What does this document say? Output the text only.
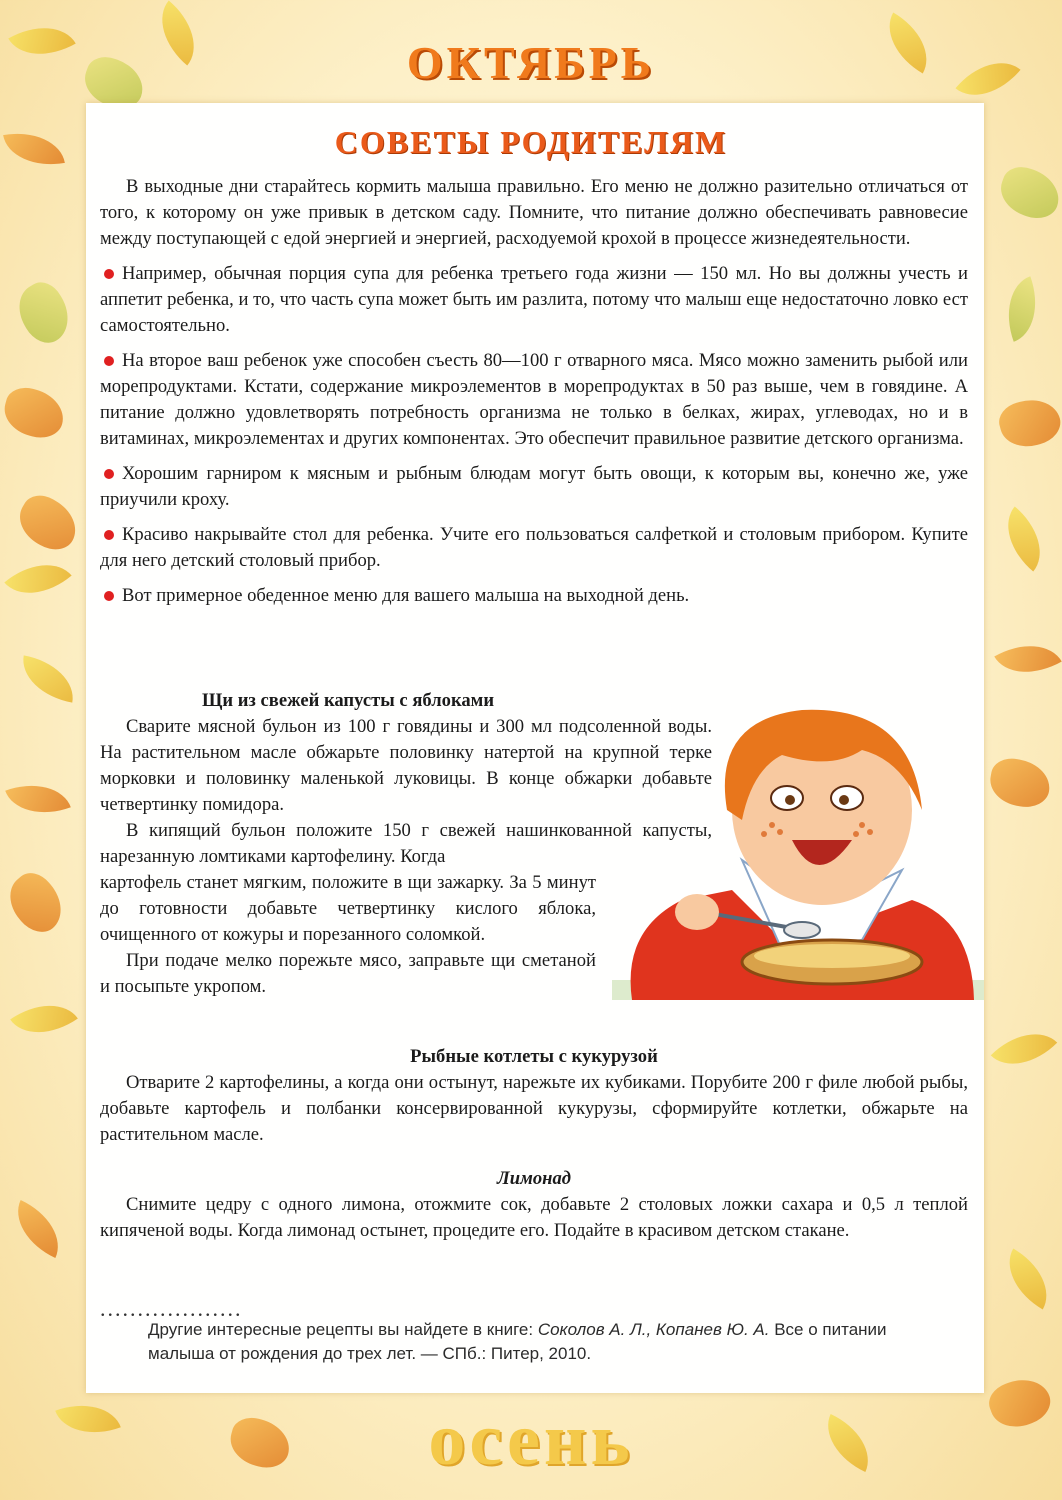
ОКТЯБРЬ
СОВЕТЫ РОДИТЕЛЯМ

В выходные дни старайтесь кормить малыша правильно. Его меню не должно разительно отличаться от того, к которому он уже привык в детском саду. Помните, что питание должно обеспечивать равновесие между поступающей с едой энергией и энергией, расходуемой крохой в процессе жизнедеятельности.

Например, обычная порция супа для ребенка третьего года жизни — 150 мл. Но вы должны учесть и аппетит ребенка, и то, что часть супа может быть им разлита, потому что малыш еще недостаточно ловко ест самостоятельно.

На второе ваш ребенок уже способен съесть 80—100 г отварного мяса. Мясо можно заменить рыбой или морепродуктами. Кстати, содержание микроэлементов в морепродуктах в 50 раз выше, чем в говядине. А питание должно удовлетворять потребность организма не только в белках, жирах, углеводах, но и в витаминах, микроэлементах и других компонентах. Это обеспечит правильное развитие детского организма.

Хорошим гарниром к мясным и рыбным блюдам могут быть овощи, к которым вы, конечно же, уже приучили кроху.

Красиво накрывайте стол для ребенка. Учите его пользоваться салфеткой и столовым прибором. Купите для него детский столовый прибор.

Вот примерное обеденное меню для вашего малыша на выходной день.

Щи из свежей капусты с яблоками

Сварите мясной бульон из 100 г говядины и 300 мл подсоленной воды. На растительном масле обжарьте половинку натертой на крупной терке морковки и половинку маленькой луковицы. В конце обжарки добавьте четвертинку помидора.

В кипящий бульон положите 150 г свежей нашинкованной капусты, нарезанную ломтиками картофелину. Когда

картофель станет мягким, положите в щи зажарку. За 5 минут до готовности добавьте четвертинку кислого яблока, очищенного от кожуры и порезанного соломкой.

При подаче мелко порежьте мясо, заправьте щи сметаной и посыпьте укропом.

Рыбные котлеты с кукурузой

Отварите 2 картофелины, а когда они остынут, нарежьте их кубиками. Порубите 200 г филе любой рыбы, добавьте картофель и полбанки консервированной кукурузы, сформируйте котлетки, обжарьте на растительном масле.

Лимонад

Снимите цедру с одного лимона, отожмите сок, добавьте 2 столовых ложки сахара и 0,5 л теплой кипяченой воды. Когда лимонад остынет, процедите его. Подайте в красивом детском стакане.

...................
Другие интересные рецепты вы найдете в книге: Соколов А. Л., Копанев Ю. А. Все о питании малыша от рождения до трех лет. — СПб.: Питер, 2010.
осень
